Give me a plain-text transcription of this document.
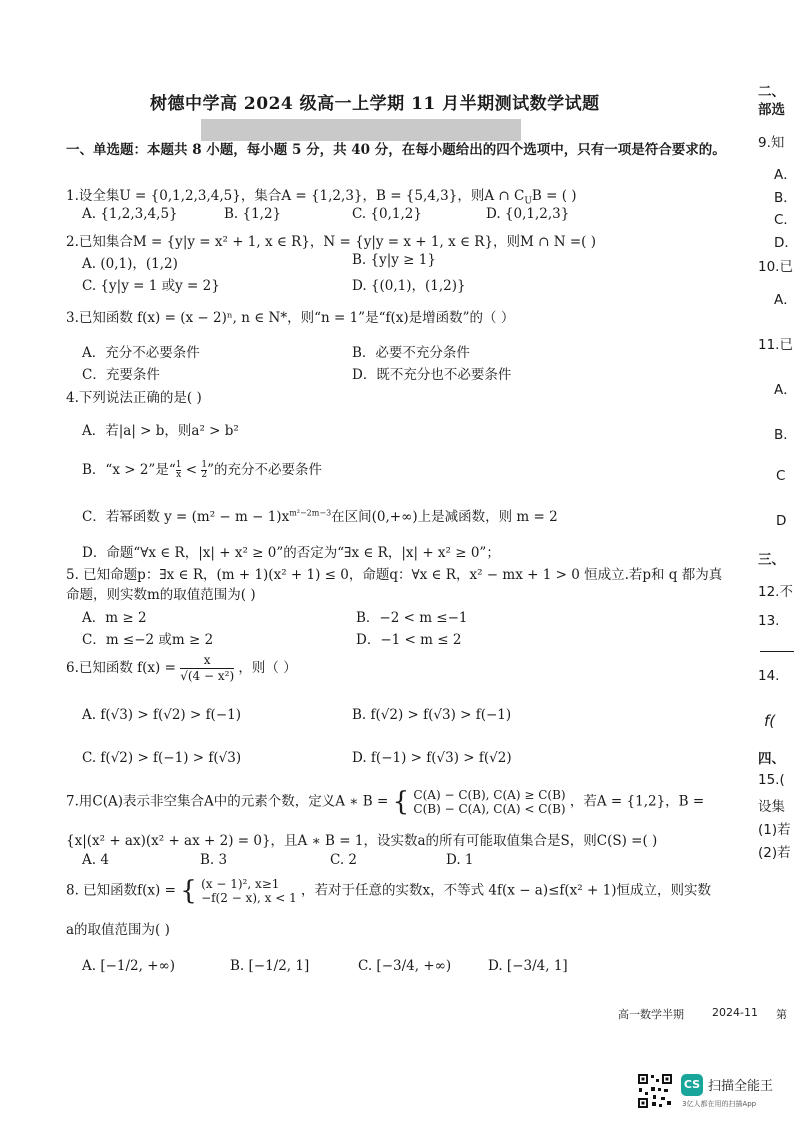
树德中学高 2024 级高一上学期 11 月半期测试数学试题
一、单选题：本题共 8 小题，每小题 5 分，共 40 分，在每小题给出的四个选项中，只有一项是符合要求的。
1.设全集U = {0,1,2,3,4,5}，集合A = {1,2,3}，B = {5,4,3}，则A ∩ $C_UB$ = ( )
A. {1,2,3,4,5}	B. {1,2}	C. {0,1,2}	D. {0,1,2,3}
2.已知集合M = {y|y = x² + 1, x ∈ R}，N = {y|y = x + 1, x ∈ R}，则M ∩ N =( )
A. (0,1)，(1,2)	B. {y|y ≥ 1}
C. {y|y = 1 或y = 2}	D. {(0,1)，(1,2)}
3.已知函数 f(x) = (x − 2)ⁿ, n ∈ N*，则“n = 1”是“f(x)是增函数”的（ ）
A．充分不必要条件	B．必要不充分条件
C．充要条件	D．既不充分也不必要条件
4.下列说法正确的是( )
A．若|a| > b，则a² > b²
B．“x > 2”是“ $\frac{1}{x} < \frac{1}{2}$ ”的充分不必要条件
C．若幂函数 $y = (m^2 - m - 1)x^{m^2-2m-3}$在区间(0,+∞)上是减函数，则 m = 2
D．命题“∀x ∈ R，|x| + x² ≥ 0”的否定为“∃x ∈ R，|x| + x² ≥ 0”；
5. 已知命题p：∃x ∈ R，(m + 1)(x² + 1) ≤ 0，命题q：∀x ∈ R，x² − mx + 1 > 0 恒成立.若p和 q 都为真
命题，则实数m的取值范围为( )
A．m ≥ 2	B．−2 < m ≤−1
C．m ≤−2 或m ≥ 2	D．−1 < m ≤ 2
6.已知函数 $f(x) = \frac{x}{\text{√(4 − x²)}}$ ，则（ ）
A. f(√3) > f(√2) > f(−1)	B. f(√2) > f(√3) > f(−1)
C. f(√2) > f(−1) > f(√3)	D. f(−1) > f(√3) > f(√2)
7.用C(A)表示非空集合A中的元素个数，定义A ∗ B = { C(A) − C(B), C(A) ≥ C(B)
C(B) − C(A), C(A) < C(B) ，若A = {1,2}，B =
{x|(x² + ax)(x² + ax + 2) = 0}，且A ∗ B = 1，设实数a的所有可能取值集合是S，则C(S) =( )
A. 4	B. 3	C. 2	D. 1
8. 已知函数f(x) = { (x − 1)², x≥1
−f(2 − x), x < 1 ，若对于任意的实数x，不等式 4f(x − a)≤f(x² + 1)恒成立，则实数
a的取值范围为( )
A. [−1/2, +∞)	B. [−1/2, 1]	C. [−3/4, +∞)	D. [−3/4, 1]
二、
部选
9.知
A．
B．
C．
D．
10.已
A．
11.已
A．
B．
C
D
三、
12.不
13.
14.
f(
四、
15.(
设集
(1)若
(2)若
高一数学半期	2024-11 第
CS 扫描全能王
3亿人都在用的扫描App
